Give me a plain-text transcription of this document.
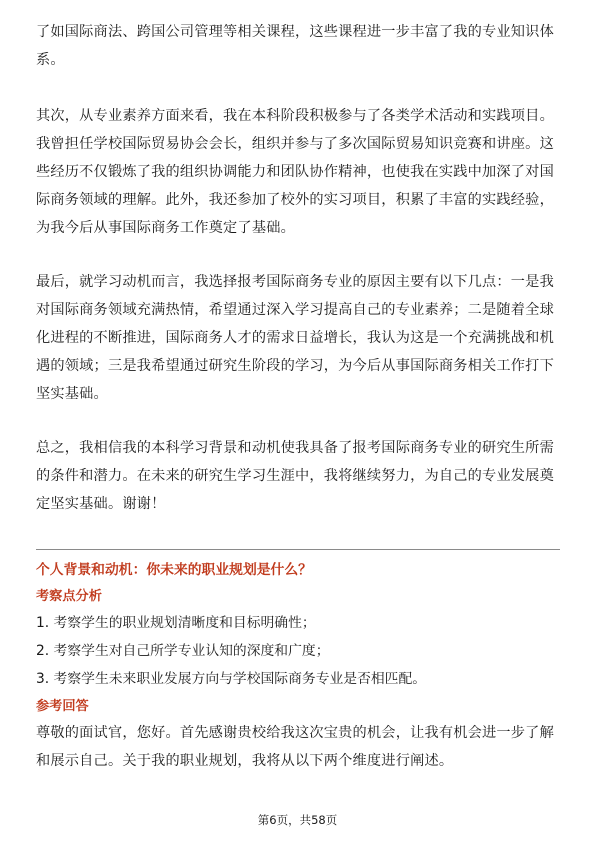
了如国际商法、跨国公司管理等相关课程，这些课程进一步丰富了我的专业知识体
系。

其次，从专业素养方面来看，我在本科阶段积极参与了各类学术活动和实践项目。
我曾担任学校国际贸易协会会长，组织并参与了多次国际贸易知识竞赛和讲座。这
些经历不仅锻炼了我的组织协调能力和团队协作精神，也使我在实践中加深了对国
际商务领域的理解。此外，我还参加了校外的实习项目，积累了丰富的实践经验，
为我今后从事国际商务工作奠定了基础。

最后，就学习动机而言，我选择报考国际商务专业的原因主要有以下几点：一是我
对国际商务领域充满热情，希望通过深入学习提高自己的专业素养；二是随着全球
化进程的不断推进，国际商务人才的需求日益增长，我认为这是一个充满挑战和机
遇的领域；三是我希望通过研究生阶段的学习，为今后从事国际商务相关工作打下
坚实基础。

总之，我相信我的本科学习背景和动机使我具备了报考国际商务专业的研究生所需
的条件和潜力。在未来的研究生学习生涯中，我将继续努力，为自己的专业发展奠
定坚实基础。谢谢！

个人背景和动机：你未来的职业规划是什么？

考察点分析

1. 考察学生的职业规划清晰度和目标明确性；

2. 考察学生对自己所学专业认知的深度和广度；

3. 考察学生未来职业发展方向与学校国际商务专业是否相匹配。

参考回答

尊敬的面试官，您好。首先感谢贵校给我这次宝贵的机会，让我有机会进一步了解
和展示自己。关于我的职业规划，我将从以下两个维度进行阐述。

第6页，共58页
